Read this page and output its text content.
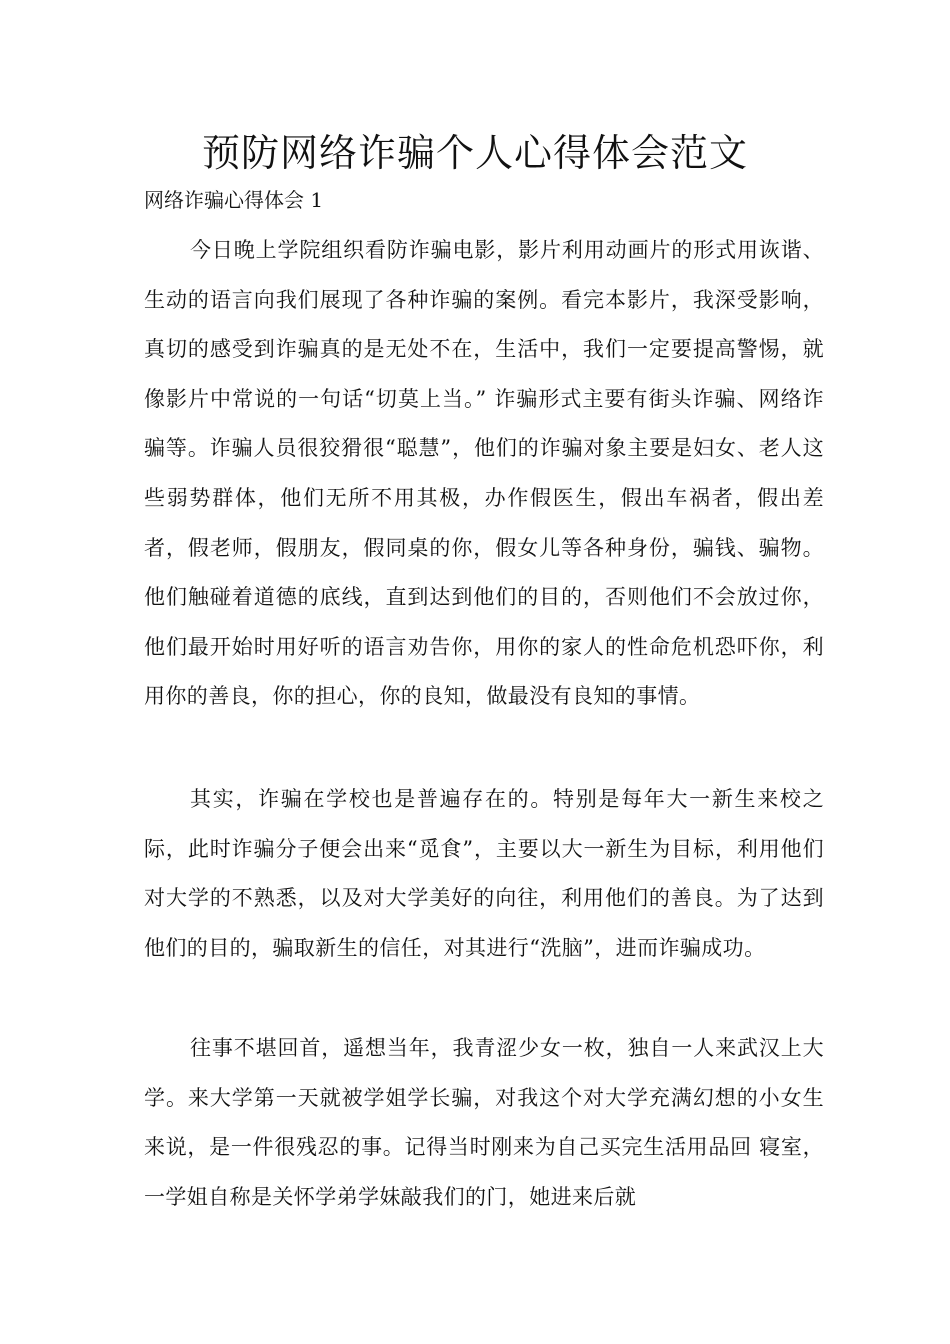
预防网络诈骗个人心得体会范文

网络诈骗心得体会 1

今日晚上学院组织看防诈骗电影，影片利用动画片的形式用诙谐、生动的语言向我们展现了各种诈骗的案例。看完本影片，我深受影响，真切的感受到诈骗真的是无处不在，生活中，我们一定要提高警惕，就像影片中常说的一句话“切莫上当。” 诈骗形式主要有街头诈骗、网络诈骗等。诈骗人员很狡猾很“聪慧”，他们的诈骗对象主要是妇女、老人这些弱势群体，他们无所不用其极，办作假医生，假出车祸者，假出差者，假老师，假朋友，假同桌的你，假女儿等各种身份，骗钱、骗物。他们触碰着道德的底线，直到达到他们的目的，否则他们不会放过你，他们最开始时用好听的语言劝告你，用你的家人的性命危机恐吓你，利用你的善良，你的担心，你的良知，做最没有良知的事情。

其实，诈骗在学校也是普遍存在的。特别是每年大一新生来校之际，此时诈骗分子便会出来“觅食”，主要以大一新生为目标，利用他们对大学的不熟悉，以及对大学美好的向往，利用他们的善良。为了达到他们的目的，骗取新生的信任，对其进行“洗脑”，进而诈骗成功。

往事不堪回首，遥想当年，我青涩少女一枚，独自一人来武汉上大学。来大学第一天就被学姐学长骗，对我这个对大学充满幻想的小女生来说，是一件很残忍的事。记得当时刚来为自己买完生活用品回 寝室，一学姐自称是关怀学弟学妹敲我们的门，她进来后就
